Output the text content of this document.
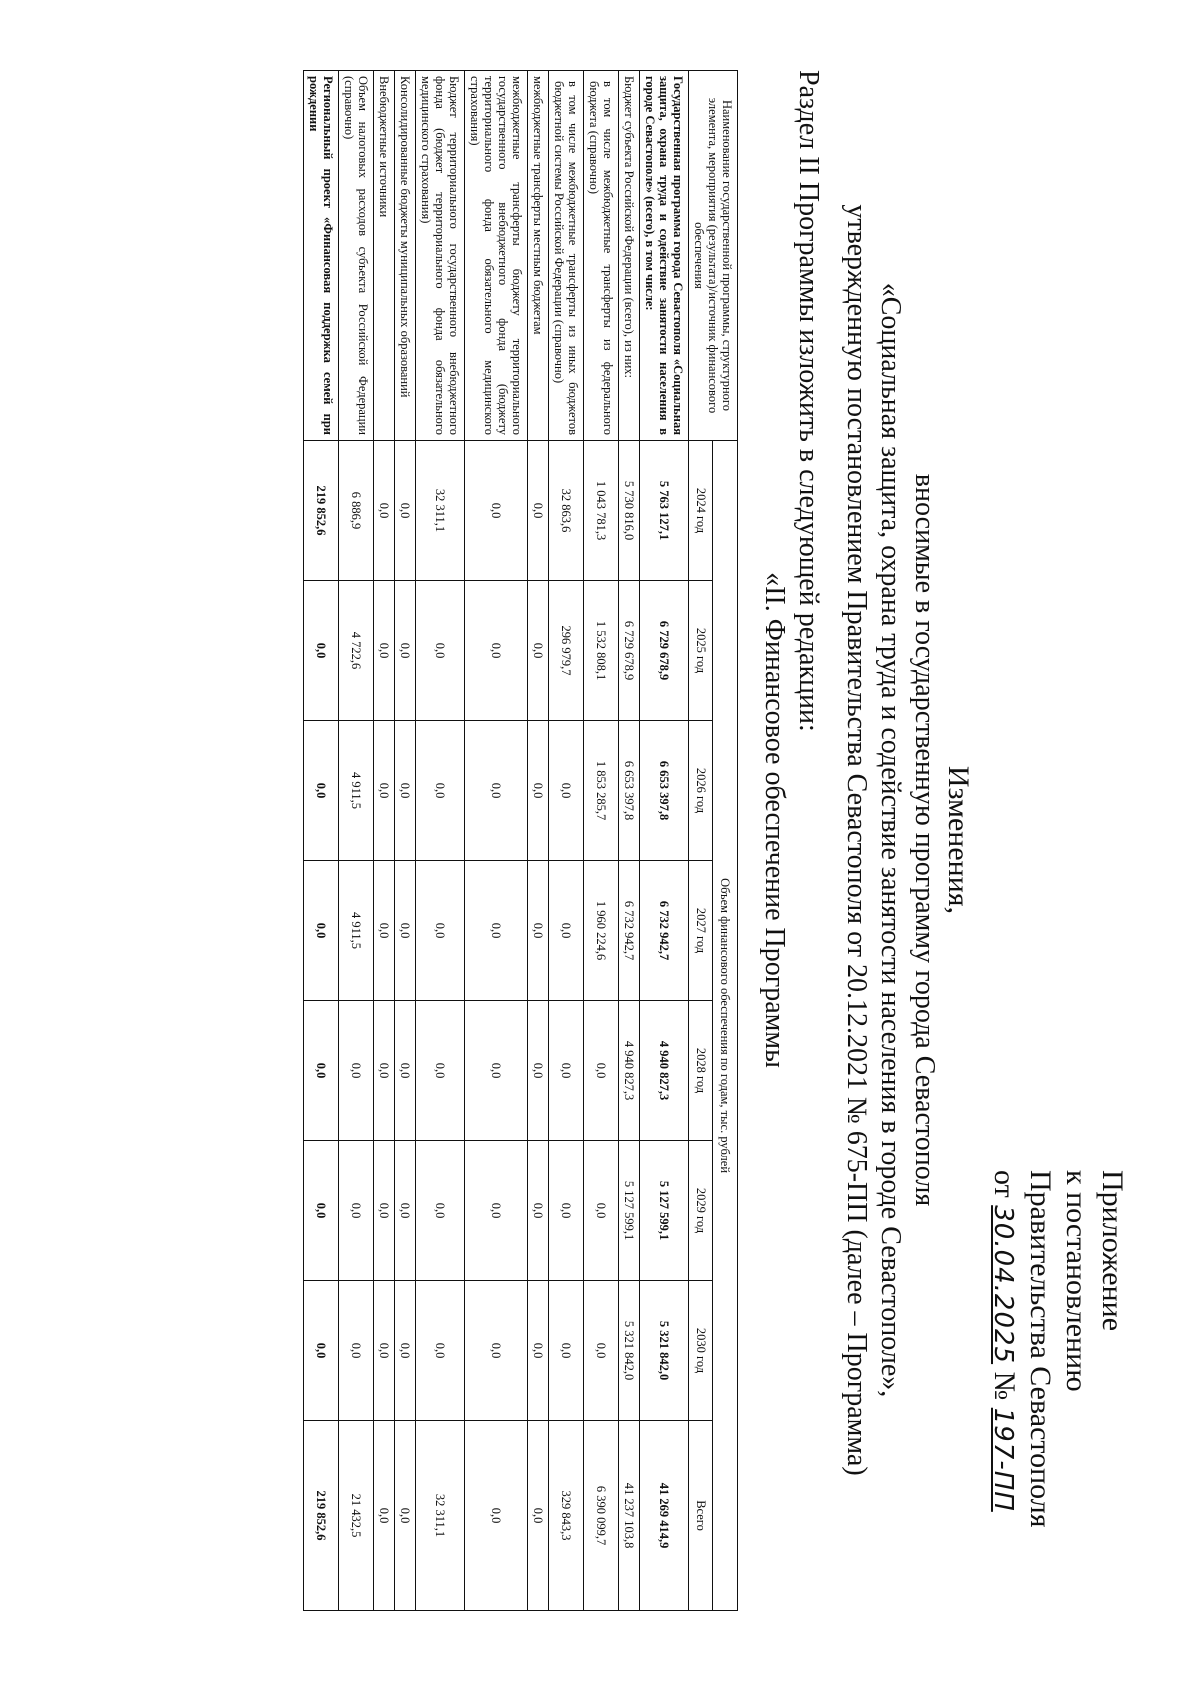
Приложение
к постановлению
Правительства Севастополя
от 30.04.2025 № 197-ПП
Изменения,
вносимые в государственную программу города Севастополя
«Социальная защита, охрана труда и содействие занятости населения в городе Севастополе»,
утвержденную постановлением Правительства Севастополя от 20.12.2021 № 675-ПП (далее – Программа)
Раздел II Программы изложить в следующей редакции:
«II. Финансовое обеспечение Программы
Наименование государственной программы, структурного элемента, мероприятия (результата)/источник финансового обеспечения	Объем финансового обеспечения по годам, тыс. рублей							
	2024 год	2025 год	2026 год	2027 год	2028 год	2029 год	2030 год	Всего
Государственная программа города Севастополя «Социальная защита, охрана труда и содействие занятости населения в городе Севастополе» (всего), в том числе:	5 763 127,1	6 729 678,9	6 653 397,8	6 732 942,7	4 940 827,3	5 127 599,1	5 321 842,0	41 269 414,9
Бюджет субъекта Российской Федерации (всего), из них:	5 730 816,0	6 729 678,9	6 653 397,8	6 732 942,7	4 940 827,3	5 127 599,1	5 321 842,0	41 237 103,8
в том числе межбюджетные трансферты из федерального бюджета (справочно)	1 043 781,3	1 532 808,1	1 853 285,7	1 960 224,6	0,0	0,0	0,0	6 390 099,7
в том числе межбюджетные трансферты из иных бюджетов бюджетной системы Российской Федерации (справочно)	32 863,6	296 979,7	0,0	0,0	0,0	0,0	0,0	329 843,3
межбюджетные трансферты местным бюджетам	0,0	0,0	0,0	0,0	0,0	0,0	0,0	0,0
межбюджетные трансферты бюджету территориального государственного внебюджетного фонда (бюджету территориального фонда обязательного медицинского страхования)	0,0	0,0	0,0	0,0	0,0	0,0	0,0	0,0
Бюджет территориального государственного внебюджетного фонда (бюджет территориального фонда обязательного медицинского страхования)	32 311,1	0,0	0,0	0,0	0,0	0,0	0,0	32 311,1
Консолидированные бюджеты муниципальных образований	0,0	0,0	0,0	0,0	0,0	0,0	0,0	0,0
Внебюджетные источники	0,0	0,0	0,0	0,0	0,0	0,0	0,0	0,0
Объем налоговых расходов субъекта Российской Федерации (справочно)	6 886,9	4 722,6	4 911,5	4 911,5	0,0	0,0	0,0	21 432,5
Региональный проект «Финансовая поддержка семей при рождении	219 852,6	0,0	0,0	0,0	0,0	0,0	0,0	219 852,6
